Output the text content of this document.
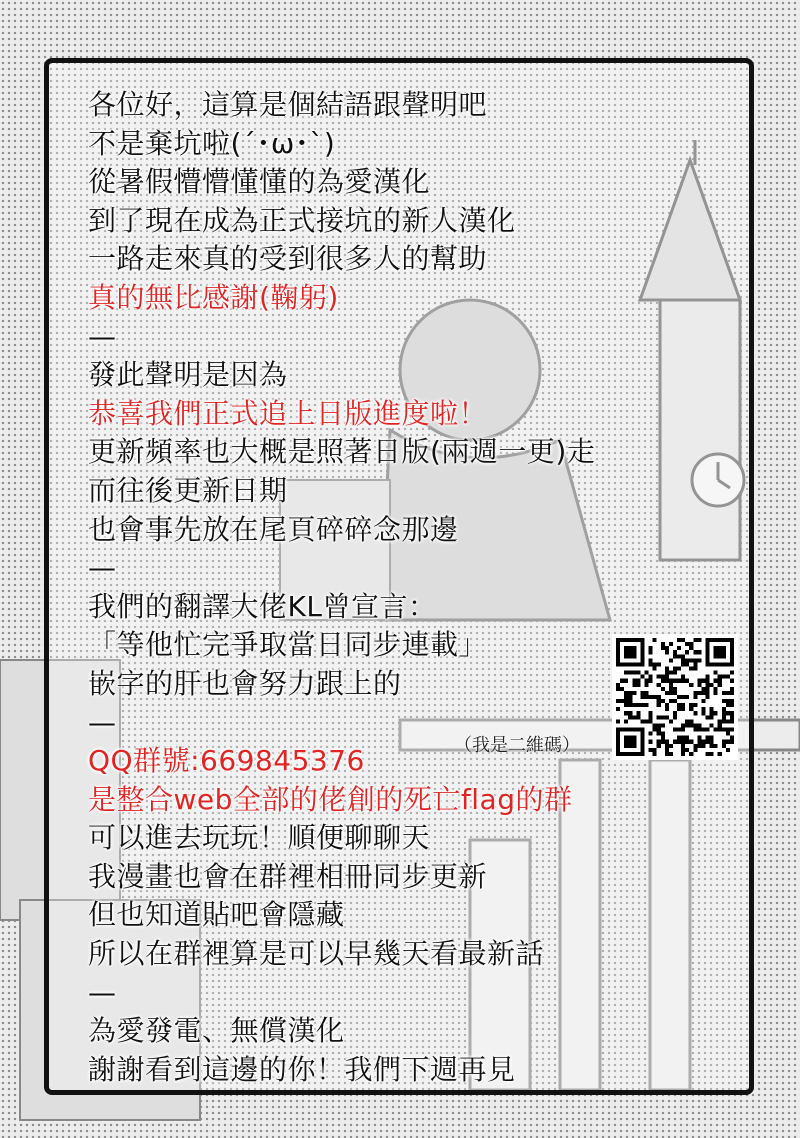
各位好，這算是個結語跟聲明吧
不是棄坑啦(´･ω･`)
從暑假懵懵懂懂的為愛漢化
到了現在成為正式接坑的新人漢化
一路走來真的受到很多人的幫助
真的無比感謝(鞠躬)
—
發此聲明是因為
恭喜我們正式追上日版進度啦！
更新頻率也大概是照著日版(兩週一更)走
而往後更新日期
也會事先放在尾頁碎碎念那邊
—
我們的翻譯大佬KL曾宣言：
「等他忙完爭取當日同步連載」
嵌字的肝也會努力跟上的
—
QQ群號:669845376
是整合web全部的佬創的死亡flag的群
可以進去玩玩！順便聊聊天
我漫畫也會在群裡相冊同步更新
但也知道貼吧會隱藏
所以在群裡算是可以早幾天看最新話
—
為愛發電、無償漢化
謝謝看到這邊的你！我們下週再見
（我是二維碼）
